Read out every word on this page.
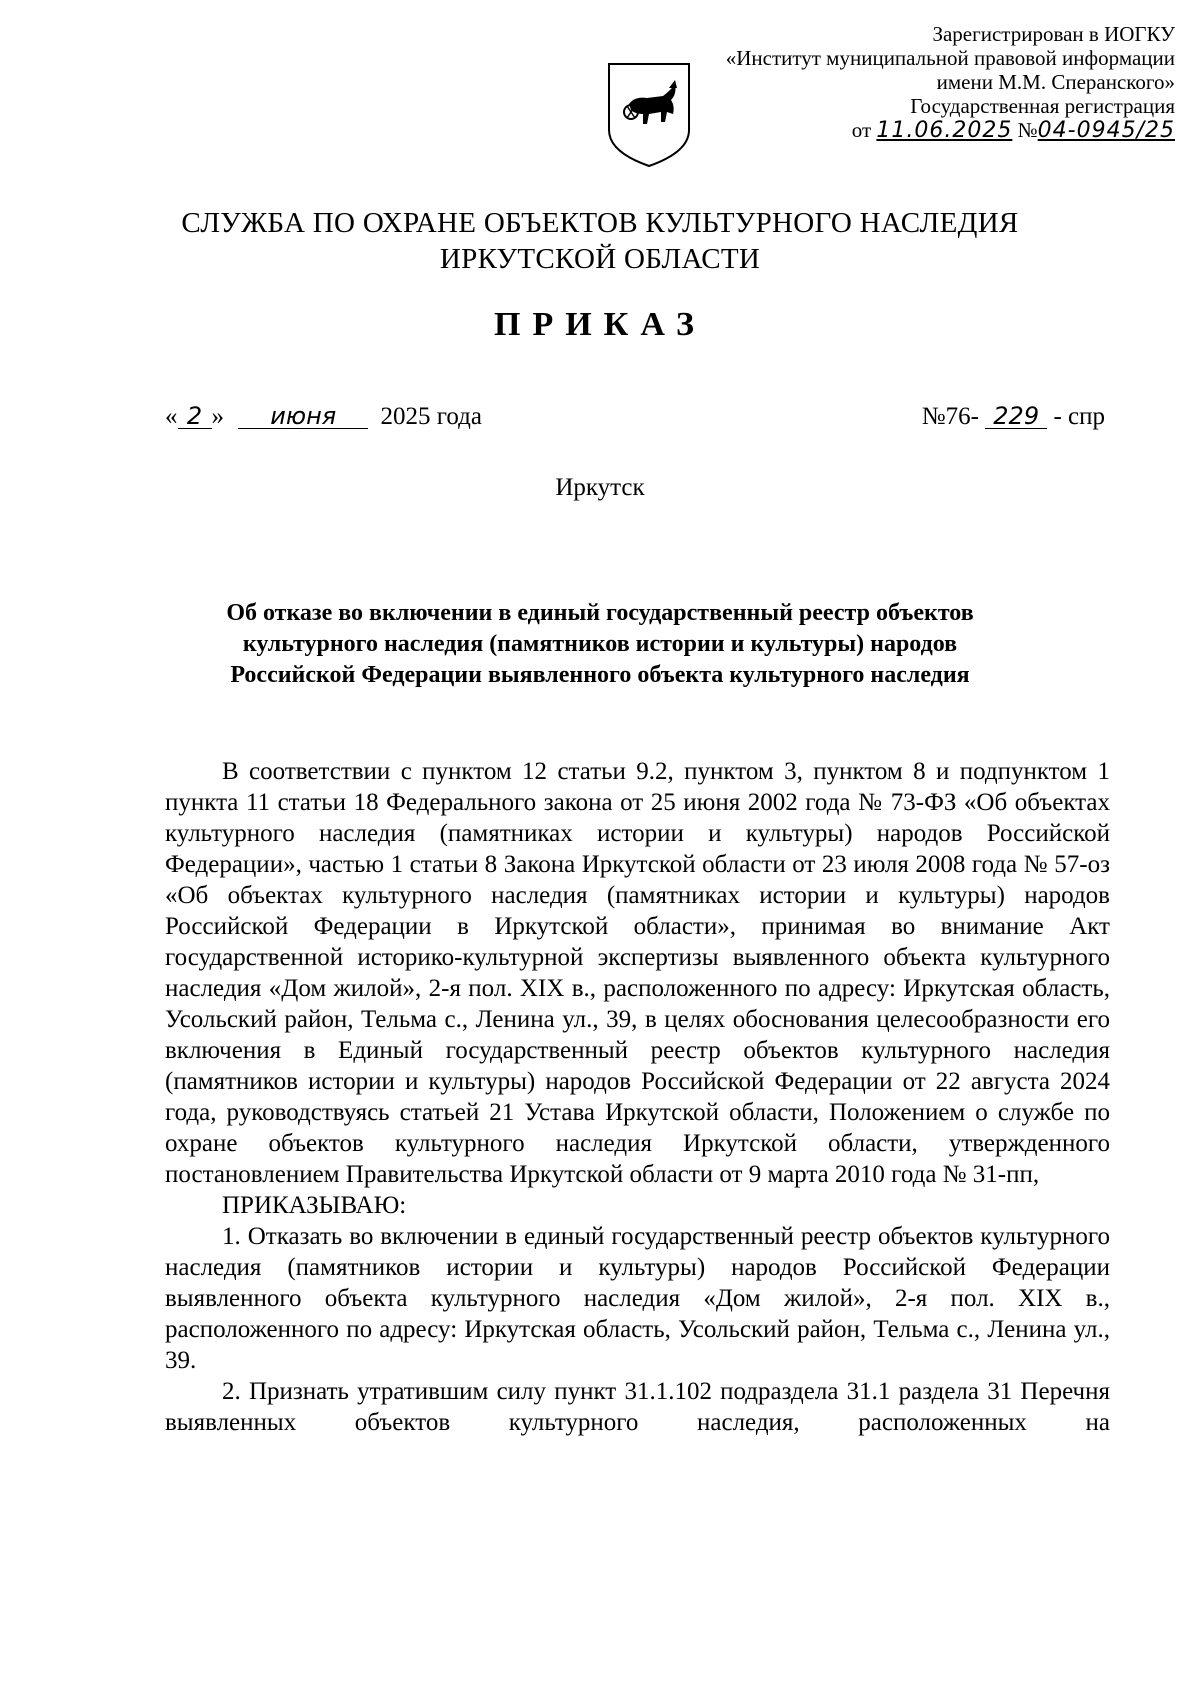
Зарегистрирован в ИОГКУ
«Институт муниципальной правовой информации
имени М.М. Сперанского»
Государственная регистрация
от 11.06.2025 №04-0945/25
СЛУЖБА ПО ОХРАНЕ ОБЪЕКТОВ КУЛЬТУРНОГО НАСЛЕДИЯ
ИРКУТСКОЙ ОБЛАСТИ
ПРИКАЗ
« 2 » июня 2025 года	№76- 229 - спр
Иркутск
Об отказе во включении в единый государственный реестр объектов
культурного наследия (памятников истории и культуры) народов
Российской Федерации выявленного объекта культурного наследия

В соответствии с пунктом 12 статьи 9.2, пунктом 3, пунктом 8 и подпунктом 1 пункта 11 статьи 18 Федерального закона от 25 июня 2002 года № 73-ФЗ «Об объектах культурного наследия (памятниках истории и культуры) народов Российской Федерации», частью 1 статьи 8 Закона Иркутской области от 23 июля 2008 года № 57-оз «Об объектах культурного наследия (памятниках истории и культуры) народов Российской Федерации в Иркутской области», принимая во внимание Акт государственной историко-культурной экспертизы выявленного объекта культурного наследия «Дом жилой», 2-я пол. XIX в., расположенного по адресу: Иркутская область, Усольский район, Тельма с., Ленина ул., 39, в целях обоснования целесообразности его включения в Единый государственный реестр объектов культурного наследия (памятников истории и культуры) народов Российской Федерации от 22 августа 2024 года, руководствуясь статьей 21 Устава Иркутской области, Положением о службе по охране объектов культурного наследия Иркутской области, утвержденного постановлением Правительства Иркутской области от 9 марта 2010 года № 31-пп,

ПРИКАЗЫВАЮ:

1. Отказать во включении в единый государственный реестр объектов культурного наследия (памятников истории и культуры) народов Российской Федерации выявленного объекта культурного наследия «Дом жилой», 2-я пол. XIX в., расположенного по адресу: Иркутская область, Усольский район, Тельма с., Ленина ул., 39.

2. Признать утратившим силу пункт 31.1.102 подраздела 31.1 раздела 31 Перечня выявленных объектов культурного наследия, расположенных на
